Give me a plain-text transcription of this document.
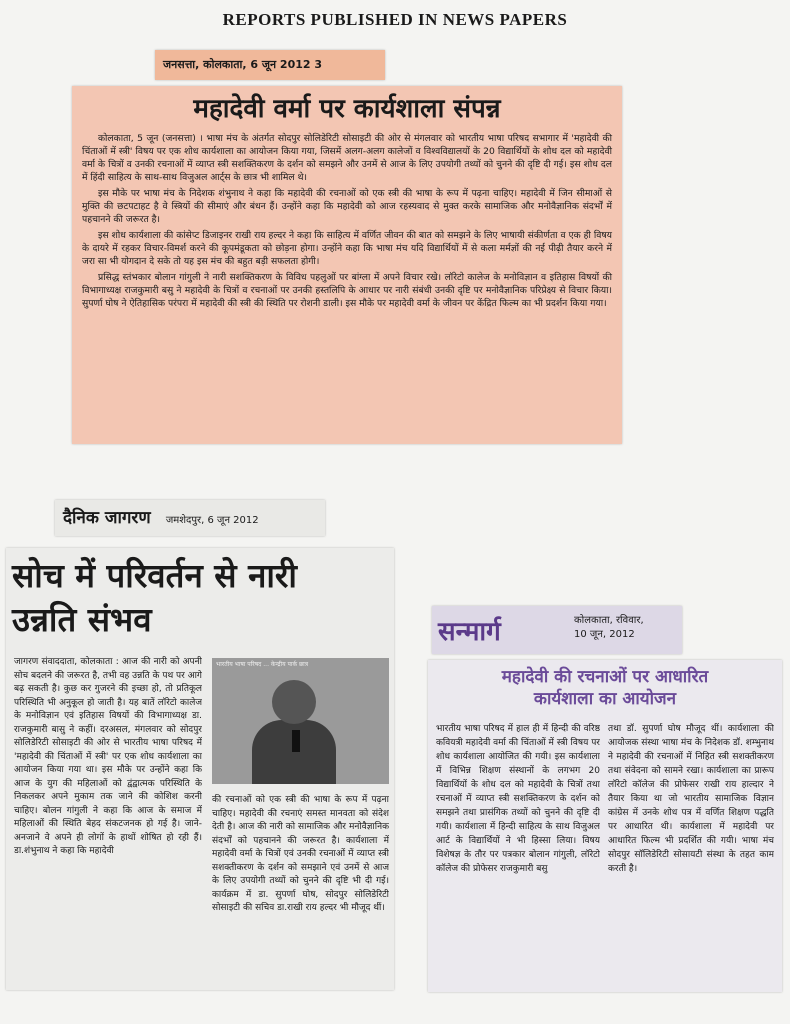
REPORTS PUBLISHED IN NEWS PAPERS
जनसत्ता, कोलकाता, 6 जून 2012 3
महादेवी वर्मा पर कार्यशाला संपन्न

कोलकाता, 5 जून (जनसत्ता) । भाषा मंच के अंतर्गत सोदपुर सोलिडेरिटी सोसाइटी की ओर से मंगलवार को भारतीय भाषा परिषद सभागार में 'महादेवी की चिंताओं में स्त्री' विषय पर एक शोध कार्यशाला का आयोजन किया गया, जिसमें अलग-अलग कालेजों व विश्वविद्यालयों के 20 विद्यार्थियों के शोध दल को महादेवी वर्मा के चित्रों व उनकी रचनाओं में व्याप्त स्त्री सशक्तिकरण के दर्शन को समझने और उनमें से आज के लिए उपयोगी तथ्यों को चुनने की दृष्टि दी गई। इस शोध दल में हिंदी साहित्य के साथ-साथ विजुअल आर्ट्स के छात्र भी शामिल थे।

इस मौके पर भाषा मंच के निदेशक शंभुनाथ ने कहा कि महादेवी की रचनाओं को एक स्त्री की भाषा के रूप में पढ़ना चाहिए। महादेवी में जिन सीमाओं से मुक्ति की छटपटाहट है वे स्त्रियों की सीमाएं और बंधन हैं। उन्होंने कहा कि महादेवी को आज रहस्यवाद से मुक्त करके सामाजिक और मनोवैज्ञानिक संदर्भों में पहचानने की जरूरत है।

इस शोध कार्यशाला की कांसेप्ट डिजाइनर राखी राय हल्दर ने कहा कि साहित्य में वर्णित जीवन की बात को समझने के लिए भाषायी संकीर्णता व एक ही विषय के दायरे में रहकर विचार-विमर्श करने की कूपमंडूकता को छोड़ना होगा। उन्होंने कहा कि भाषा मंच यदि विद्यार्थियों में से कला मर्मज्ञों की नई पीढ़ी तैयार करने में जरा सा भी योगदान दे सके तो यह इस मंच की बहुत बड़ी सफलता होगी।

प्रसिद्ध स्तंभकार बोलान गांगुली ने नारी सशक्तिकरण के विविध पहलुओं पर बांग्ला में अपने विचार रखे। लॉरेटो कालेज के मनोविज्ञान व इतिहास विषयों की विभागाध्यक्ष राजकुमारी बसु ने महादेवी के चित्रों व रचनाओं पर उनकी हस्तलिपि के आधार पर नारी संबंधी उनकी दृष्टि पर मनोवैज्ञानिक परिप्रेक्ष्य से विचार किया। सुपर्णा घोष ने ऐतिहासिक परंपरा में महादेवी की स्त्री की स्थिति पर रोशनी डाली। इस मौके पर महादेवी वर्मा के जीवन पर केंद्रित फिल्म का भी प्रदर्शन किया गया।

दैनिक जागरण जमशेदपुर, 6 जून 2012
सोच में परिवर्तन से नारी
उन्नति संभव
जागरण संवाददाता, कोलकाता : आज की नारी को अपनी सोच बदलने की जरूरत है, तभी वह उन्नति के पथ पर आगे बढ़ सकती है। कुछ कर गुजरने की इच्छा हो, तो प्रतिकूल परिस्थिति भी अनुकूल हो जाती है। यह बातें लॉरेटो कालेज के मनोविज्ञान एवं इतिहास विषयों की विभागाध्यक्ष डा. राजकुमारी बासु ने कहीं। दरअसल, मंगलवार को सोदपुर सोलिडेरिटी सोसाइटी की ओर से भारतीय भाषा परिषद में 'महादेवी की चिंताओं में स्त्री' पर एक शोध कार्यशाला का आयोजन किया गया था। इस मौके पर उन्होंने कहा कि आज के युग की महिलाओं को द्वंद्वात्मक परिस्थिति के निकलकर अपने मुकाम तक जाने की कोशिश करनी चाहिए। बोलन गांगुली ने कहा कि आज के समाज में महिलाओं की स्थिति बेहद संकटजनक हो गई है। जाने-अनजाने वे अपने ही लोगों के हाथों शोषित हो रही हैं। डा.शंभुनाथ ने कहा कि महादेवी
भारतीय भाषा परिषद ... केन्द्रीय पार्क छात्र
की रचनाओं को एक स्त्री की भाषा के रूप में पढ़ना चाहिए। महादेवी की रचनाएं समस्त मानवता को संदेश देती है। आज की नारी को सामाजिक और मनोवैज्ञानिक संदर्भों को पहचानने की जरूरत है। कार्यशाला में महादेवी वर्मा के चित्रों एवं उनकी रचनाओं में व्याप्त स्त्री सशक्तीकरण के दर्शन को समझाने एवं उनमें से आज के लिए उपयोगी तथ्यों को चुनने की दृष्टि भी दी गई। कार्यक्रम में डा. सुपर्णा घोष, सोदपुर सोलिडेरिटी सोसाइटी की सचिव डा.राखी राय हल्दर भी मौजूद थीं।
सन्मार्ग	कोलकाता, रविवार,
10 जून, 2012
महादेवी की रचनाओं पर आधारित
कार्यशाला का आयोजन
भारतीय भाषा परिषद में हाल ही में हिन्दी की वरिष्ठ कवियत्री महादेवी वर्मा की चिंताओं में स्त्री विषय पर शोध कार्यशाला आयोजित की गयी। इस कार्यशाला में विभिन्न शिक्षण संस्थानों के लगभग 20 विद्यार्थियों के शोध दल को महादेवी के चित्रों तथा रचनाओं में व्याप्त स्त्री सशक्तिकरण के दर्शन को समझने तथा प्रासंगिक तथ्यों को चुनने की दृष्टि दी गयी। कार्यशाला में हिन्दी साहित्य के साथ विजुअल आर्ट के विद्यार्थियों ने भी हिस्सा लिया। विषय विशेषज्ञ के तौर पर पत्रकार बोलान गांगुली, लॉरेटो कॉलेज की प्रोफेसर राजकुमारी बसु
तथा डॉ. सुपर्णा घोष मौजूद थीं। कार्यशाला की आयोजक संस्था भाषा मंच के निदेशक डॉ. शम्भुनाथ ने महादेवी की रचनाओं में निहित स्त्री सशक्तीकरण तथा संवेदना को सामने रखा। कार्यशाला का प्रारूप लॉरेटो कॉलेज की प्रोफेसर राखी राय हाल्दार ने तैयार किया था जो भारतीय सामाजिक विज्ञान कांग्रेस में उनके शोध पत्र में वर्णित शिक्षण पद्धति पर आधारित थी। कार्यशाला में महादेवी पर आधारित फिल्म भी प्रदर्शित की गयी। भाषा मंच सोदपुर सॉलिडेरिटी सोसायटी संस्था के तहत काम करती है।
